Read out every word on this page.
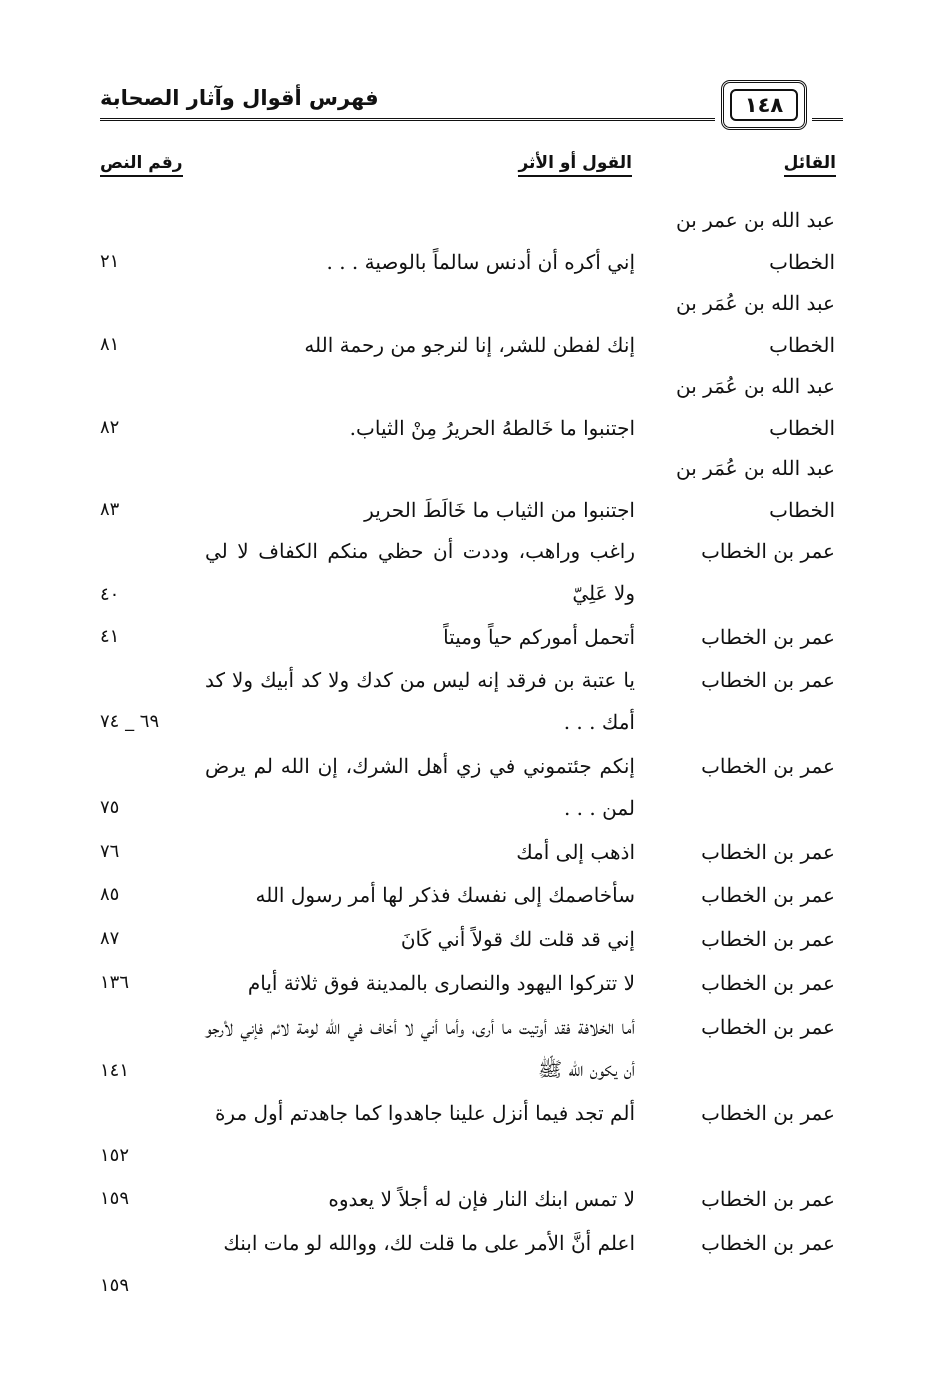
فهرس أقوال وآثار الصحابة	١٤٨
القائل
القول أو الأثر
رقم النص
عبد الله بن عمر بن الخطاب
إني أكره أن أدنس سالماً بالوصية . . .
٢١
عبد الله بن عُمَر بن الخطاب
إنك لفطن للشر، إنا لنرجو من رحمة الله
٨١
عبد الله بن عُمَر بن الخطاب
اجتنبوا ما خَالطهُ الحريرُ مِنْ الثياب.
٨٢
عبد الله بن عُمَر بن الخطاب
اجتنبوا من الثياب ما خَالَطَ الحرير
٨٣
عمر بن الخطاب
راغب وراهب، وددت أن حظي منكم الكفاف لا لي ولا عَلِيّ
٤٠
عمر بن الخطاب
أتحمل أموركم حياً وميتاً
٤١
عمر بن الخطاب
يا عتبة بن فرقد إنه ليس من كدك ولا كد أبيك ولا كد أمك . . .
٦٩ _ ٧٤
عمر بن الخطاب
إنكم جئتموني في زي أهل الشرك، إن الله لم يرض لمن . . .
٧٥
عمر بن الخطاب
اذهب إلى أمك
٧٦
عمر بن الخطاب
سأخاصمك إلى نفسك فذكر لها أمر رسول الله
٨٥
عمر بن الخطاب
إني قد قلت لك قولاً أني كَانَ
٨٧
عمر بن الخطاب
لا تتركوا اليهود والنصارى بالمدينة فوق ثلاثة أيام
١٣٦
عمر بن الخطاب
أما الخلافة فقد أوتيت ما أرى، وأما أني لا أخاف في الله لومة لائم فإني لأرجو أن يكون الله ﷺ
١٤١
عمر بن الخطاب
ألم تجد فيما أنزل علينا جاهدوا كما جاهدتم أول مرة
١٥٢
عمر بن الخطاب
لا تمس ابنك النار فإن له أجلاً لا يعدوه
١٥٩
عمر بن الخطاب
اعلم أنَّ الأمر على ما قلت لك، ووالله لو مات ابنك
١٥٩
